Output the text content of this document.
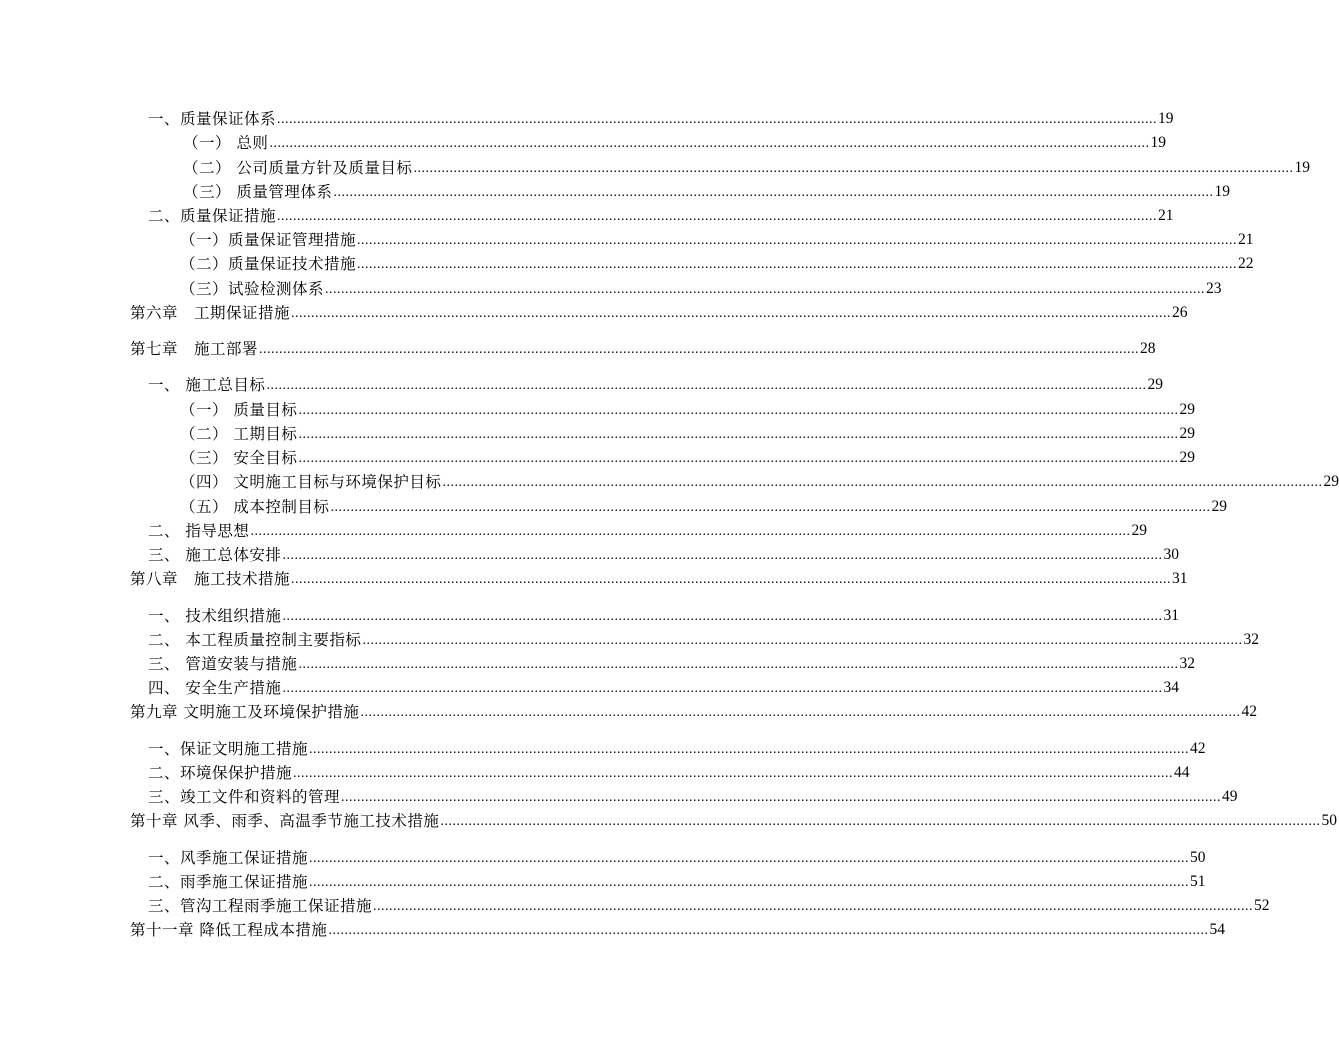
一、质量保证体系 ............................................................................................................................................................................................................................ 19
（一） 总则 ............................................................................................................................................................................................................................ 19
（二） 公司质量方针及质量目标 ............................................................................................................................................................................................................................ 19
（三） 质量管理体系 ............................................................................................................................................................................................................................ 19
二、质量保证措施 ............................................................................................................................................................................................................................ 21
（一）质量保证管理措施 ............................................................................................................................................................................................................................ 21
（二）质量保证技术措施 ............................................................................................................................................................................................................................ 22
（三）试验检测体系 ............................................................................................................................................................................................................................ 23
第六章　工期保证措施 ............................................................................................................................................................................................................................ 26
第七章　施工部署 ............................................................................................................................................................................................................................ 28
一、 施工总目标 ............................................................................................................................................................................................................................ 29
（一） 质量目标 ............................................................................................................................................................................................................................ 29
（二） 工期目标 ............................................................................................................................................................................................................................ 29
（三） 安全目标 ............................................................................................................................................................................................................................ 29
（四） 文明施工目标与环境保护目标 ............................................................................................................................................................................................................................ 29
（五） 成本控制目标 ............................................................................................................................................................................................................................ 29
二、 指导思想 ............................................................................................................................................................................................................................ 29
三、 施工总体安排 ............................................................................................................................................................................................................................ 30
第八章　施工技术措施 ............................................................................................................................................................................................................................ 31
一、 技术组织措施 ............................................................................................................................................................................................................................ 31
二、 本工程质量控制主要指标 ............................................................................................................................................................................................................................ 32
三、 管道安装与措施 ............................................................................................................................................................................................................................ 32
四、 安全生产措施 ............................................................................................................................................................................................................................ 34
第九章 文明施工及环境保护措施 ............................................................................................................................................................................................................................ 42
一、保证文明施工措施 ............................................................................................................................................................................................................................ 42
二、环境保保护措施 ............................................................................................................................................................................................................................ 44
三、竣工文件和资料的管理 ............................................................................................................................................................................................................................ 49
第十章 风季、雨季、高温季节施工技术措施 ............................................................................................................................................................................................................................ 50
一、风季施工保证措施 ............................................................................................................................................................................................................................ 50
二、雨季施工保证措施 ............................................................................................................................................................................................................................ 51
三、管沟工程雨季施工保证措施 ............................................................................................................................................................................................................................ 52
第十一章 降低工程成本措施 ............................................................................................................................................................................................................................ 54
